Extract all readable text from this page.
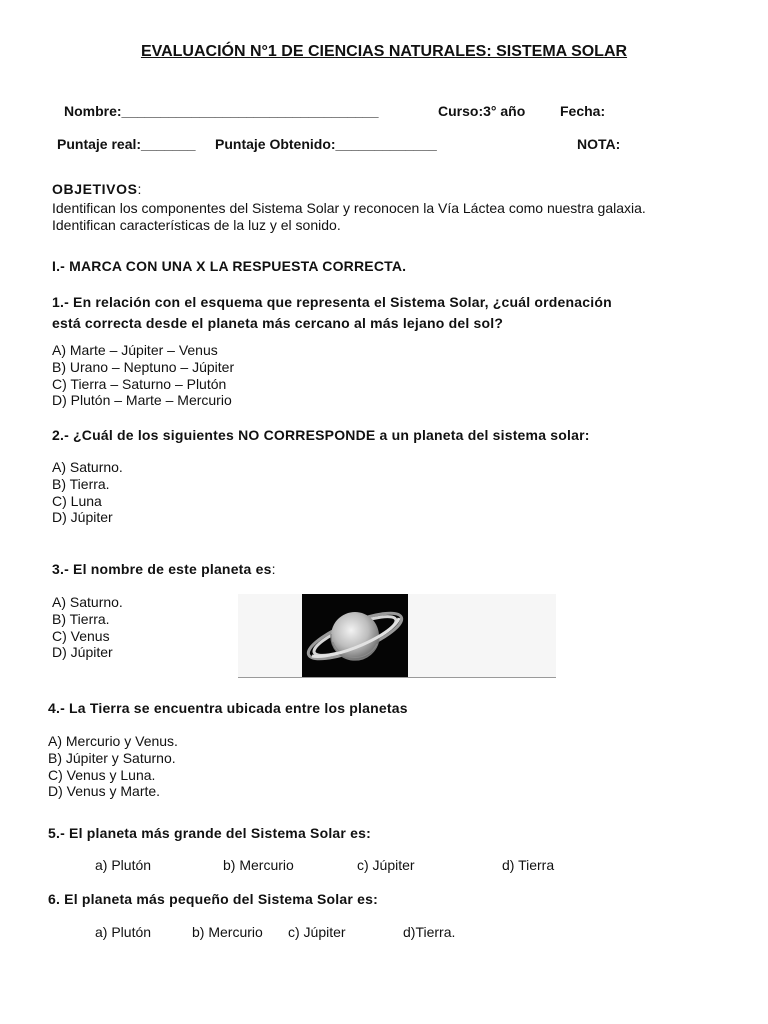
EVALUACIÓN N°1 DE CIENCIAS NATURALES: SISTEMA SOLAR
Nombre:_________________________________	Curso:3° año Fecha:
Puntaje real:_______ Puntaje Obtenido:_____________	NOTA:
OBJETIVOS:
Identifican los componentes del Sistema Solar y reconocen la Vía Láctea como nuestra galaxia.
Identifican características de la luz y el sonido.
I.- MARCA CON UNA X LA RESPUESTA CORRECTA.
1.- En relación con el esquema que representa el Sistema Solar, ¿cuál ordenación
está correcta desde el planeta más cercano al más lejano del sol?
A) Marte – Júpiter – Venus
B) Urano – Neptuno – Júpiter
C) Tierra – Saturno – Plutón
D) Plutón – Marte – Mercurio
2.- ¿Cuál de los siguientes NO CORRESPONDE a un planeta del sistema solar:
A) Saturno.
B) Tierra.
C) Luna
D) Júpiter
3.- El nombre de este planeta es:
A) Saturno.
B) Tierra.
C) Venus
D) Júpiter
4.- La Tierra se encuentra ubicada entre los planetas
A) Mercurio y Venus.
B) Júpiter y Saturno.
C) Venus y Luna.
D) Venus y Marte.
5.- El planeta más grande del Sistema Solar es:
a) Plutón	b) Mercurio	c) Júpiter	d) Tierra
6. El planeta más pequeño del Sistema Solar es:
a) Plutón	b) Mercurio c) Júpiter	d)Tierra.
